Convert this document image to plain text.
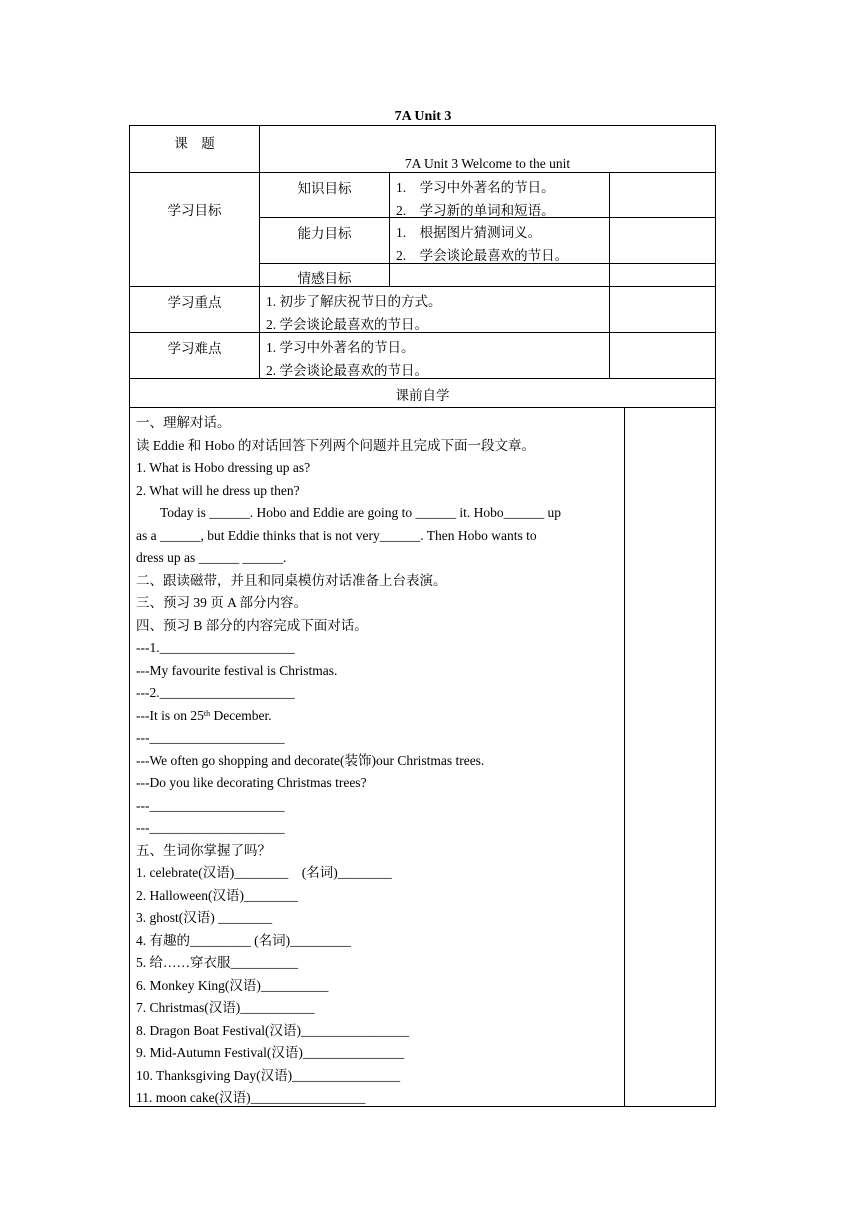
7A Unit 3
课　题
7A Unit 3 Welcome to the unit
学习目标
知识目标	1.　学习中外著名的节日。
2.　学习新的单词和短语。
能力目标	1.　根据图片猜测词义。
2.　学会谈论最喜欢的节日。
情感目标
学习重点	1. 初步了解庆祝节日的方式。
2. 学会谈论最喜欢的节日。
学习难点	1. 学习中外著名的节日。
2. 学会谈论最喜欢的节日。
课前自学
一、理解对话。
读 Eddie 和 Hobo 的对话回答下列两个问题并且完成下面一段文章。
1. What is Hobo dressing up as?
2. What will he dress up then?
Today is ______. Hobo and Eddie are going to ______ it. Hobo______ up
as a ______, but Eddie thinks that is not very______. Then Hobo wants to
dress up as ______ ______.
二、跟读磁带，并且和同桌模仿对话准备上台表演。
三、预习 39 页 A 部分内容。
四、预习 B 部分的内容完成下面对话。
---1.____________________
---My favourite festival is Christmas.
---2.____________________
---It is on 25th December.
---____________________
---We often go shopping and decorate(装饰)our Christmas trees.
---Do you like decorating Christmas trees?
---____________________
---____________________
五、生词你掌握了吗？
1. celebrate(汉语)________　(名词)________
2. Halloween(汉语)________
3. ghost(汉语) ________
4. 有趣的_________ (名词)_________
5. 给……穿衣服__________
6. Monkey King(汉语)__________
7. Christmas(汉语)___________
8. Dragon Boat Festival(汉语)________________
9. Mid-Autumn Festival(汉语)_______________
10. Thanksgiving Day(汉语)________________
11. moon cake(汉语)_________________
